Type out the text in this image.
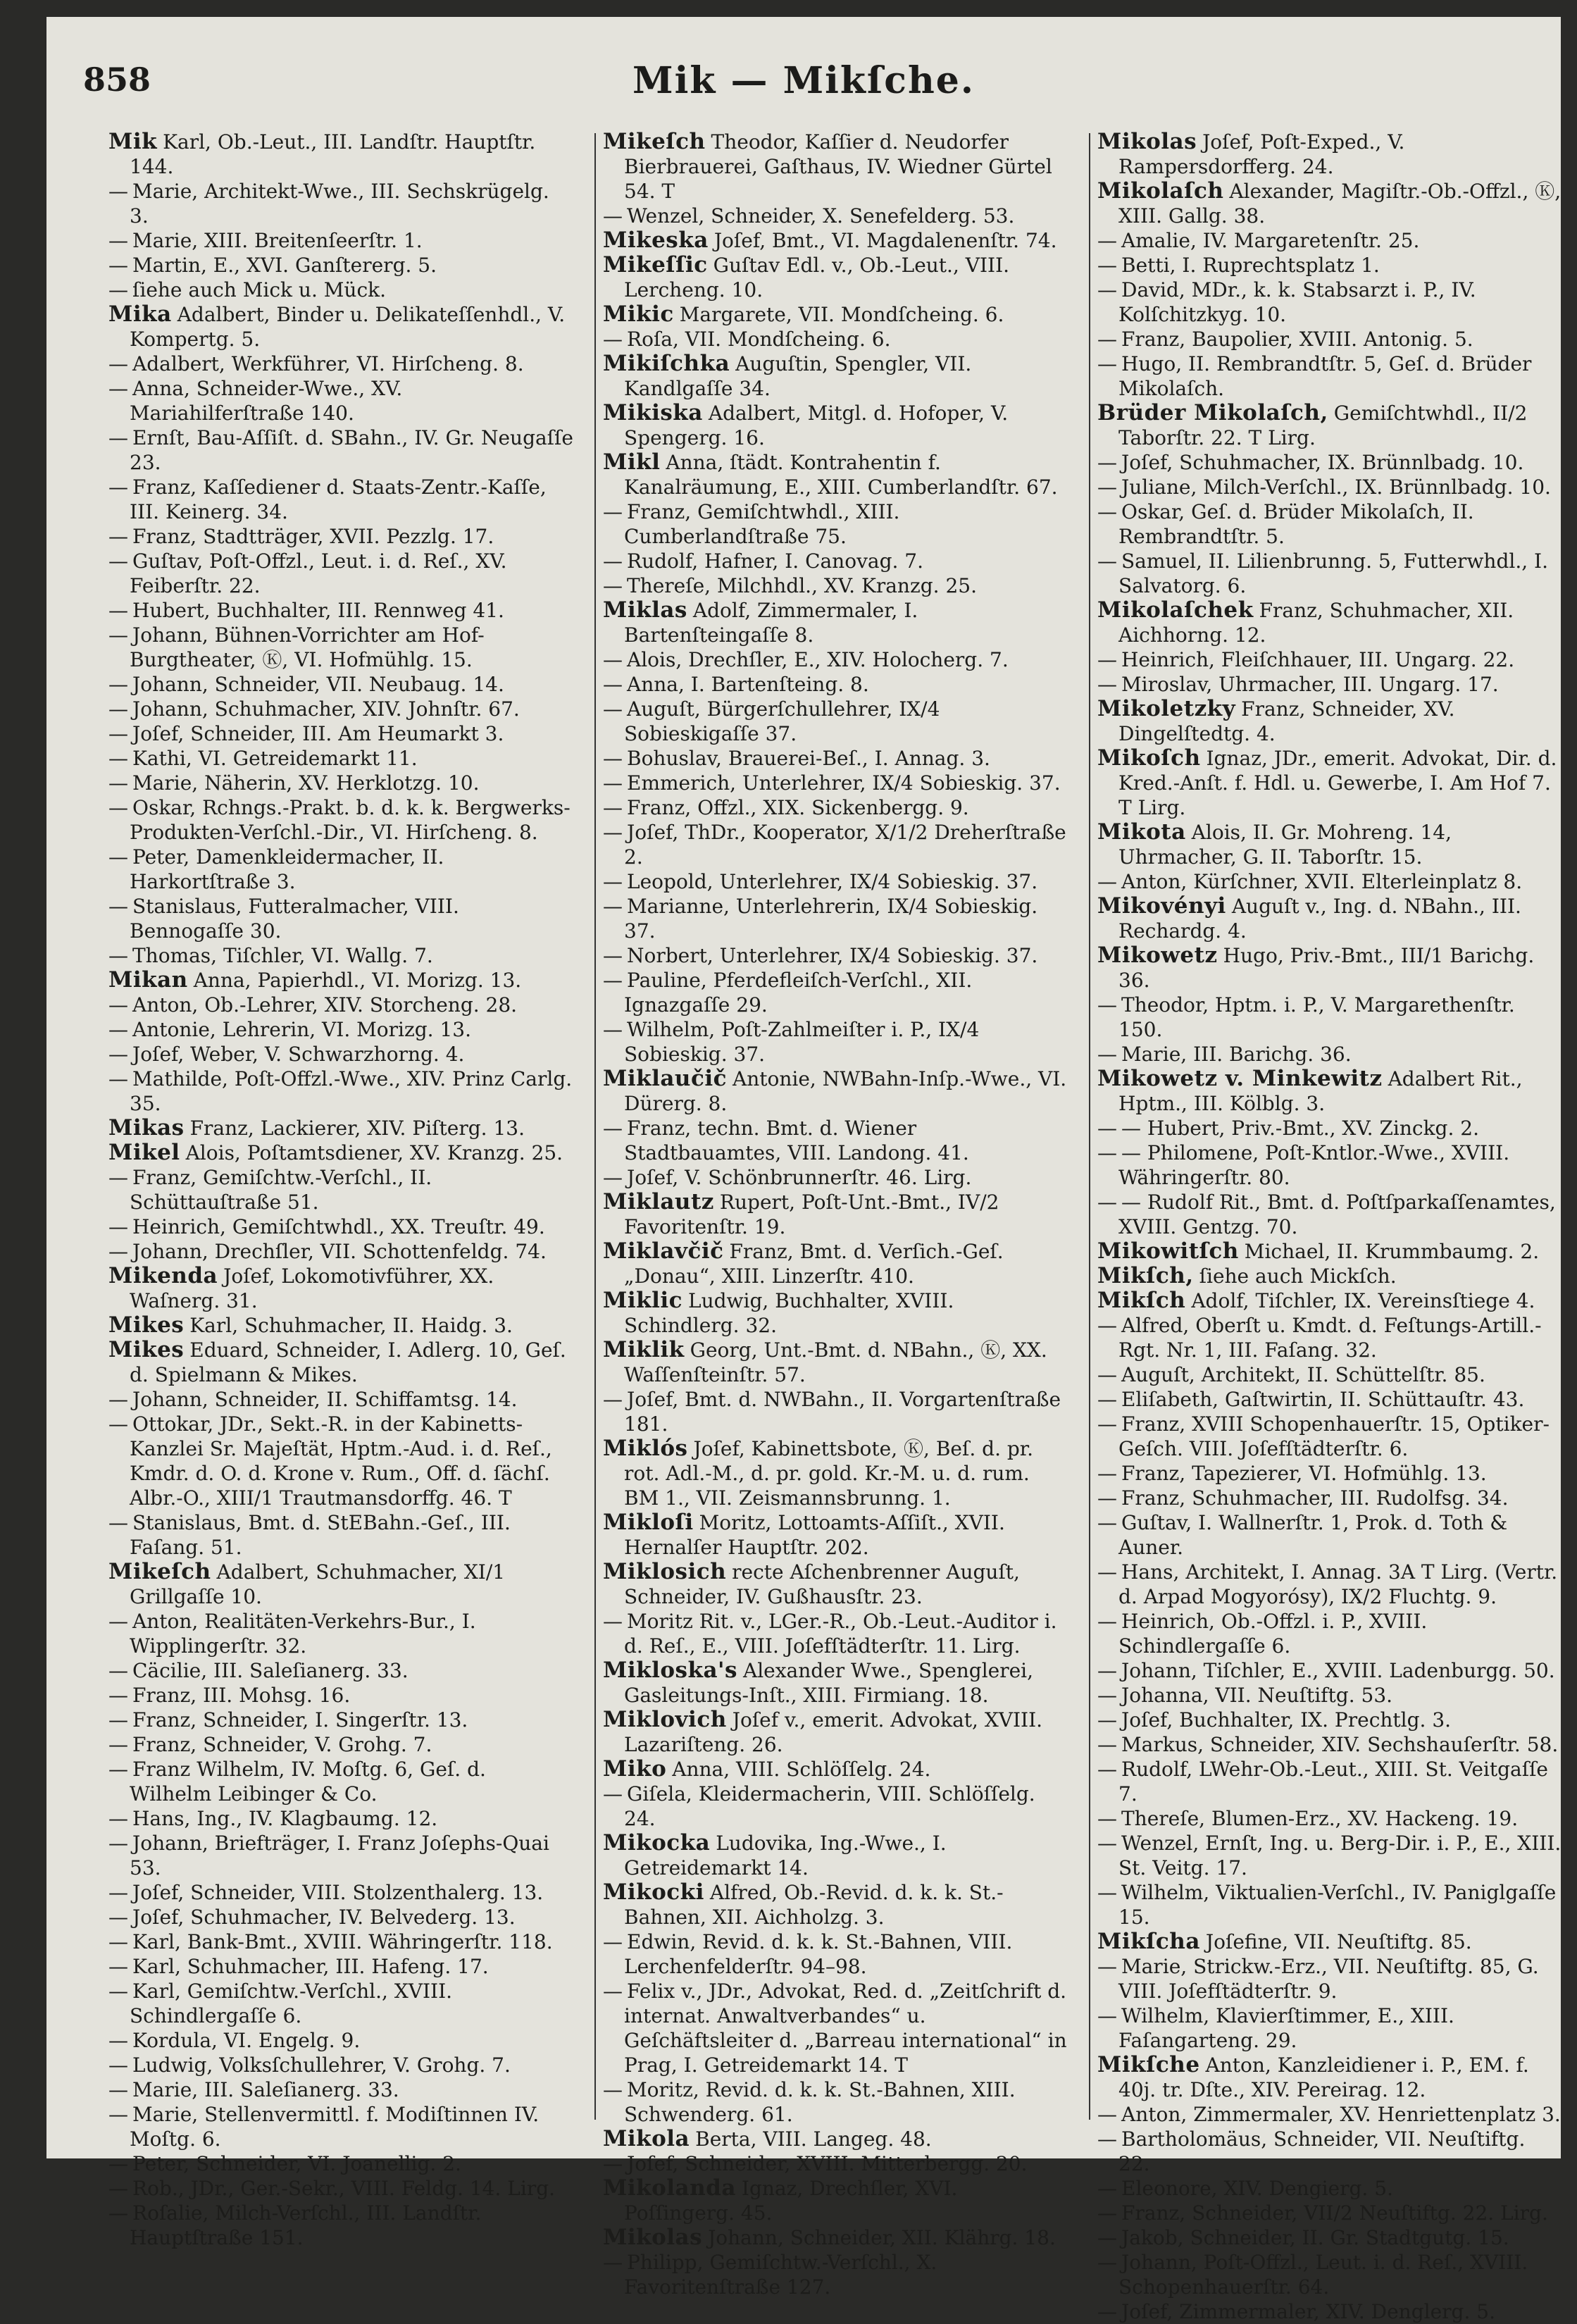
858	Mik — Mikſche.

Mik Karl, Ob.-Leut., III. Landſtr. Hauptſtr. 144.

— Marie, Architekt-Wwe., III. Sechskrügelg. 3.

— Marie, XIII. Breitenſeerſtr. 1.

— Martin, E., XVI. Ganſtererg. 5.

— ſiehe auch Mick u. Mück.

Mika Adalbert, Binder u. Delikateſſenhdl., V. Kompertg. 5.

— Adalbert, Werkführer, VI. Hirſcheng. 8.

— Anna, Schneider-Wwe., XV. Mariahilferſtraße 140.

— Ernſt, Bau-Aſſiſt. d. SBahn., IV. Gr. Neugaſſe 23.

— Franz, Kaſſediener d. Staats-Zentr.-Kaſſe, III. Keinerg. 34.

— Franz, Stadtträger, XVII. Pezzlg. 17.

— Guſtav, Poſt-Offzl., Leut. i. d. Reſ., XV. Feiberſtr. 22.

— Hubert, Buchhalter, III. Rennweg 41.

— Johann, Bühnen-Vorrichter am Hof-Burgtheater, Ⓚ, VI. Hofmühlg. 15.

— Johann, Schneider, VII. Neubaug. 14.

— Johann, Schuhmacher, XIV. Johnſtr. 67.

— Joſef, Schneider, III. Am Heumarkt 3.

— Kathi, VI. Getreidemarkt 11.

— Marie, Näherin, XV. Herklotzg. 10.

— Oskar, Rchngs.-Prakt. b. d. k. k. Bergwerks-Produkten-Verſchl.-Dir., VI. Hirſcheng. 8.

— Peter, Damenkleidermacher, II. Harkortſtraße 3.

— Stanislaus, Futteralmacher, VIII. Bennogaſſe 30.

— Thomas, Tiſchler, VI. Wallg. 7.

Mikan Anna, Papierhdl., VI. Morizg. 13.

— Anton, Ob.-Lehrer, XIV. Storcheng. 28.

— Antonie, Lehrerin, VI. Morizg. 13.

— Joſef, Weber, V. Schwarzhorng. 4.

— Mathilde, Poſt-Offzl.-Wwe., XIV. Prinz Carlg. 35.

Mikas Franz, Lackierer, XIV. Piſterg. 13.

Mikel Alois, Poſtamtsdiener, XV. Kranzg. 25.

— Franz, Gemiſchtw.-Verſchl., II. Schüttauſtraße 51.

— Heinrich, Gemiſchtwhdl., XX. Treuſtr. 49.

— Johann, Drechſler, VII. Schottenfeldg. 74.

Mikenda Joſef, Lokomotivführer, XX. Waſnerg. 31.

Mikes Karl, Schuhmacher, II. Haidg. 3.

Mikes Eduard, Schneider, I. Adlerg. 10, Gеſ. d. Spielmann & Mikes.

— Johann, Schneider, II. Schiffamtsg. 14.

— Ottokar, JDr., Sekt.-R. in der Kabinetts-Kanzlei Sr. Majeſtät, Hptm.-Aud. i. d. Reſ., Kmdr. d. O. d. Krone v. Rum., Off. d. ſächſ. Albr.-O., XIII/1 Trautmansdorffg. 46. T

— Stanislaus, Bmt. d. StEBahn.-Gеſ., III. Faſang. 51.

Mikeſch Adalbert, Schuhmacher, XI/1 Grillgaſſe 10.

— Anton, Realitäten-Verkehrs-Bur., I. Wipplingerſtr. 32.

— Cäcilie, III. Saleſianerg. 33.

— Franz, III. Mohsg. 16.

— Franz, Schneider, I. Singerſtr. 13.

— Franz, Schneider, V. Grohg. 7.

— Franz Wilhelm, IV. Moſtg. 6, Gеſ. d. Wilhelm Leibinger & Co.

— Hans, Ing., IV. Klagbaumg. 12.

— Johann, Briefträger, I. Franz Joſephs-Quai 53.

— Joſef, Schneider, VIII. Stolzenthalerg. 13.

— Joſef, Schuhmacher, IV. Belvederg. 13.

— Karl, Bank-Bmt., XVIII. Währingerſtr. 118.

— Karl, Schuhmacher, III. Hafeng. 17.

— Karl, Gemiſchtw.-Verſchl., XVIII. Schindlergaſſe 6.

— Kordula, VI. Engelg. 9.

— Ludwig, Volksſchullehrer, V. Grohg. 7.

— Marie, III. Saleſianerg. 33.

— Marie, Stellenvermittl. f. Modiſtinnen IV. Moſtg. 6.

— Peter, Schneider, VI. Joanellig. 2.

— Rob., JDr., Ger.-Sekr., VIII. Feldg. 14. Lirg.

— Roſalie, Milch-Verſchl., III. Landſtr. Hauptſtraße 151.

Mikeſch Theodor, Kaſſier d. Neudorfer Bierbrauerei, Gaſthaus, IV. Wiedner Gürtel 54. T

— Wenzel, Schneider, X. Senefelderg. 53.

Mikeska Joſef, Bmt., VI. Magdalenenſtr. 74.

Mikeſſic Guſtav Edl. v., Ob.-Leut., VIII. Lercheng. 10.

Mikic Margarete, VII. Mondſcheing. 6.

— Roſa, VII. Mondſcheing. 6.

Mikiſchka Auguſtin, Spengler, VII. Kandlgaſſe 34.

Mikiska Adalbert, Mitgl. d. Hofoper, V. Spengerg. 16.

Mikl Anna, ſtädt. Kontrahentin f. Kanalräumung, E., XIII. Cumberlandſtr. 67.

— Franz, Gemiſchtwhdl., XIII. Cumberlandſtraße 75.

— Rudolf, Hafner, I. Canovag. 7.

— Thereſe, Milchhdl., XV. Kranzg. 25.

Miklas Adolf, Zimmermaler, I. Bartenſteingaſſe 8.

— Alois, Drechſler, E., XIV. Holocherg. 7.

— Anna, I. Bartenſteing. 8.

— Auguſt, Bürgerſchullehrer, IX/4 Sobieskigaſſe 37.

— Bohuslav, Brauerei-Beſ., I. Annag. 3.

— Emmerich, Unterlehrer, IX/4 Sobieskig. 37.

— Franz, Offzl., XIX. Sickenbergg. 9.

— Joſef, ThDr., Kooperator, X/1/2 Dreherſtraße 2.

— Leopold, Unterlehrer, IX/4 Sobieskig. 37.

— Marianne, Unterlehrerin, IX/4 Sobieskig. 37.

— Norbert, Unterlehrer, IX/4 Sobieskig. 37.

— Pauline, Pferdefleiſch-Verſchl., XII. Ignazgaſſe 29.

— Wilhelm, Poſt-Zahlmeiſter i. P., IX/4 Sobieskig. 37.

Miklaučič Antonie, NWBahn-Inſp.-Wwe., VI. Dürerg. 8.

— Franz, techn. Bmt. d. Wiener Stadtbauamtes, VIII. Landong. 41.

— Joſef, V. Schönbrunnerſtr. 46. Lirg.

Miklautz Rupert, Poſt-Unt.-Bmt., IV/2 Favoritenſtr. 19.

Miklavčič Franz, Bmt. d. Verſich.-Gеſ. „Donau“, XIII. Linzerſtr. 410.

Miklic Ludwig, Buchhalter, XVIII. Schindlerg. 32.

Miklik Georg, Unt.-Bmt. d. NBahn., Ⓚ, XX. Waſſenſteinſtr. 57.

— Joſef, Bmt. d. NWBahn., II. Vorgartenſtraße 181.

Miklós Joſef, Kabinettsbote, Ⓚ, Beſ. d. pr. rot. Adl.-M., d. pr. gold. Kr.-M. u. d. rum. BM 1., VII. Zeismannsbrunng. 1.

Mikloſi Moritz, Lottoamts-Aſſiſt., XVII. Hernalſer Hauptſtr. 202.

Miklosich recte Aſchenbrenner Auguſt, Schneider, IV. Gußhausſtr. 23.

— Moritz Rit. v., LGer.-R., Ob.-Leut.-Auditor i. d. Reſ., E., VIII. Joſefſtädterſtr. 11. Lirg.

Mikloska's Alexander Wwe., Spenglerei, Gasleitungs-Inſt., XIII. Firmiang. 18.

Miklovich Joſef v., emerit. Advokat, XVIII. Lazariſteng. 26.

Miko Anna, VIII. Schlöſſelg. 24.

— Giſela, Kleidermacherin, VIII. Schlöſſelg. 24.

Mikocka Ludovika, Ing.-Wwe., I. Getreidemarkt 14.

Mikocki Alfred, Ob.-Revid. d. k. k. St.-Bahnen, XII. Aichholzg. 3.

— Edwin, Revid. d. k. k. St.-Bahnen, VIII. Lerchenfelderſtr. 94–98.

— Felix v., JDr., Advokat, Red. d. „Zeitſchrift d. internat. Anwaltverbandes“ u. Geſchäftsleiter d. „Barreau international“ in Prag, I. Getreidemarkt 14. T

— Moritz, Revid. d. k. k. St.-Bahnen, XIII. Schwenderg. 61.

Mikola Berta, VIII. Langeg. 48.

— Joſef, Schneider, XVIII. Mitterbergg. 20.

Mikolanda Ignaz, Drechſler, XVI. Poſſingerg. 45.

Mikolas Johann, Schneider, XII. Klährg. 18.

— Philipp, Gemiſchtw.-Verſchl., X. Favoritenſtraße 127.

Mikolas Joſef, Poſt-Exped., V. Rampersdorfferg. 24.

Mikolaſch Alexander, Magiſtr.-Ob.-Offzl., Ⓚ, XIII. Gallg. 38.

— Amalie, IV. Margaretenſtr. 25.

— Betti, I. Ruprechtsplatz 1.

— David, MDr., k. k. Stabsarzt i. P., IV. Kolſchitzkyg. 10.

— Franz, Baupolier, XVIII. Antonig. 5.

— Hugo, II. Rembrandtſtr. 5, Gеſ. d. Brüder Mikolaſch.

Brüder Mikolaſch, Gemiſchtwhdl., II/2 Taborſtr. 22. T Lirg.

— Joſef, Schuhmacher, IX. Brünnlbadg. 10.

— Juliane, Milch-Verſchl., IX. Brünnlbadg. 10.

— Oskar, Gеſ. d. Brüder Mikolaſch, II. Rembrandtſtr. 5.

— Samuel, II. Lilienbrunng. 5, Futterwhdl., I. Salvatorg. 6.

Mikolaſchek Franz, Schuhmacher, XII. Aichhorng. 12.

— Heinrich, Fleiſchhauer, III. Ungarg. 22.

— Miroslav, Uhrmacher, III. Ungarg. 17.

Mikoletzky Franz, Schneider, XV. Dingelſtedtg. 4.

Mikoſch Ignaz, JDr., emerit. Advokat, Dir. d. Kred.-Anſt. f. Hdl. u. Gewerbe, I. Am Hof 7. T Lirg.

Mikota Alois, II. Gr. Mohreng. 14, Uhrmacher, G. II. Taborſtr. 15.

— Anton, Kürſchner, XVII. Elterleinplatz 8.

Mikovényi Auguſt v., Ing. d. NBahn., III. Rechardg. 4.

Mikowetz Hugo, Priv.-Bmt., III/1 Barichg. 36.

— Theodor, Hptm. i. P., V. Margarethenſtr. 150.

— Marie, III. Barichg. 36.

Mikowetz v. Minkewitz Adalbert Rit., Hptm., III. Kölblg. 3.

— — Hubert, Priv.-Bmt., XV. Zinckg. 2.

— — Philomene, Poſt-Kntlor.-Wwe., XVIII. Währingerſtr. 80.

— — Rudolf Rit., Bmt. d. Poſtſparkaſſenamtes, XVIII. Gentzg. 70.

Mikowitſch Michael, II. Krummbaumg. 2.

Mikſch, ſiehe auch Mickſch.

Mikſch Adolf, Tiſchler, IX. Vereinsſtiege 4.

— Alfred, Oberſt u. Kmdt. d. Feſtungs-Artill.-Rgt. Nr. 1, III. Faſang. 32.

— Auguſt, Architekt, II. Schüttelſtr. 85.

— Eliſabeth, Gaſtwirtin, II. Schüttauſtr. 43.

— Franz, XVIII Schopenhauerſtr. 15, Optiker-Geſch. VIII. Joſefſtädterſtr. 6.

— Franz, Tapezierer, VI. Hofmühlg. 13.

— Franz, Schuhmacher, III. Rudolfsg. 34.

— Guſtav, I. Wallnerſtr. 1, Prok. d. Toth & Auner.

— Hans, Architekt, I. Annag. 3A T Lirg. (Vertr. d. Arpad Mogyorósy), IX/2 Fluchtg. 9.

— Heinrich, Ob.-Offzl. i. P., XVIII. Schindlergaſſe 6.

— Johann, Tiſchler, E., XVIII. Ladenburgg. 50.

— Johanna, VII. Neuſtiftg. 53.

— Joſef, Buchhalter, IX. Prechtlg. 3.

— Markus, Schneider, XIV. Sechshauſerſtr. 58.

— Rudolf, LWehr-Ob.-Leut., XIII. St. Veitgaſſe 7.

— Thereſe, Blumen-Erz., XV. Hackeng. 19.

— Wenzel, Ernſt, Ing. u. Berg-Dir. i. P., E., XIII. St. Veitg. 17.

— Wilhelm, Viktualien-Verſchl., IV. Paniglgaſſe 15.

Mikſcha Joſefine, VII. Neuſtiftg. 85.

— Marie, Strickw.-Erz., VII. Neuſtiftg. 85, G. VIII. Joſefſtädterſtr. 9.

— Wilhelm, Klavierſtimmer, E., XIII. Faſangarteng. 29.

Mikſche Anton, Kanzleidiener i. P., EM. f. 40j. tr. Dſte., XIV. Pereirag. 12.

— Anton, Zimmermaler, XV. Henriettenplatz 3.

— Bartholomäus, Schneider, VII. Neuſtiftg. 22.

— Eleonore, XIV. Dengierg. 5.

— Franz, Schneider, VII/2 Neuſtiftg. 22. Lirg.

— Jakob, Schneider, II. Gr. Stadtgutg. 15.

— Johann, Poſt-Offzl., Leut. i. d. Reſ., XVIII. Schopenhauerſtr. 64.

— Joſef, Zimmermaler, XIV. Denglerg. 5.
